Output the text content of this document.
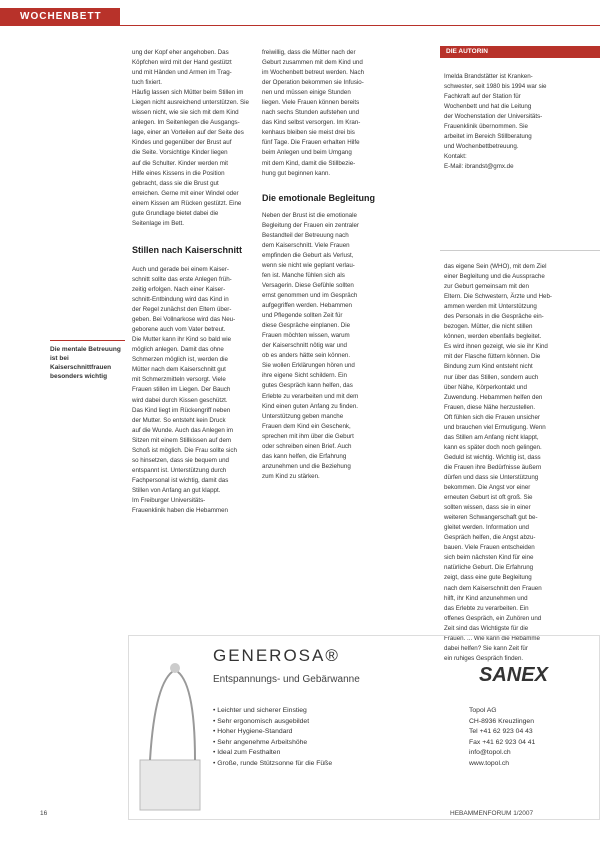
WOCHENBETT
ung der Kopf eher angehoben. Das
Köpfchen wird mit der Hand gestützt
und mit Händen und Armen im Trag-
tuch fixiert.
Häufig lassen sich Mütter beim Stillen im
Liegen nicht ausreichend unterstützen. Sie
wissen nicht, wie sie sich mit dem Kind
anlegen. Im Seitenlegen die Ausgangs-
lage, einer an Vorteilen auf der Seite des
Kindes und gegenüber der Brust auf
die Seite. Vorsichtige Kinder liegen
auf die Schulter. Kinder werden mit
Hilfe eines Kissens in die Position
gebracht, dass sie die Brust gut
erreichen. Gerne mit einer Windel oder
einem Kissen am Rücken gestützt. Eine
gute Grundlage bietet dabei die
Seitenlage im Bett.
Stillen nach Kaiserschnitt
Auch und gerade bei einem Kaiser-
schnitt sollte das erste Anlegen früh-
zeitig erfolgen. Nach einer Kaiser-
schnitt-Entbindung wird das Kind in
der Regel zunächst den Eltern über-
geben. Bei Vollnarkose wird das Neu-
geborene auch vom Vater betreut.
Die Mutter kann ihr Kind so bald wie
möglich anlegen. Damit das ohne
Schmerzen möglich ist, werden die
Mütter nach dem Kaiserschnitt gut
mit Schmerzmitteln versorgt. Viele
Frauen stillen im Liegen. Der Bauch
wird dabei durch Kissen geschützt.
Das Kind liegt im Rückengriff neben
der Mutter. So entsteht kein Druck
auf die Wunde. Auch das Anlegen im
Sitzen mit einem Stillkissen auf dem
Schoß ist möglich. Die Frau sollte sich
so hinsetzen, dass sie bequem und
entspannt ist. Unterstützung durch
Fachpersonal ist wichtig, damit das
Stillen von Anfang an gut klappt.
Im Freiburger Universitäts-
Frauenklinik haben die Hebammen
Die mentale Betreuung ist bei Kaiserschnittfrauen besonders wichtig
freiwillig, dass die Mütter nach der
Geburt zusammen mit dem Kind und
im Wochenbett betreut werden. Nach
der Operation bekommen sie Infusio-
nen und müssen einige Stunden
liegen. Viele Frauen können bereits
nach sechs Stunden aufstehen und
das Kind selbst versorgen. Im Kran-
kenhaus bleiben sie meist drei bis
fünf Tage. Die Frauen erhalten Hilfe
beim Anlegen und beim Umgang
mit dem Kind, damit die Stillbezie-
hung gut beginnen kann.
Die emotionale Begleitung
Neben der Brust ist die emotionale
Begleitung der Frauen ein zentraler
Bestandteil der Betreuung nach
dem Kaiserschnitt. Viele Frauen
empfinden die Geburt als Verlust,
wenn sie nicht wie geplant verlau-
fen ist. Manche fühlen sich als
Versagerin. Diese Gefühle sollten
ernst genommen und im Gespräch
aufgegriffen werden. Hebammen
und Pflegende sollten Zeit für
diese Gespräche einplanen. Die
Frauen möchten wissen, warum
der Kaiserschnitt nötig war und
ob es anders hätte sein können.
Sie wollen Erklärungen hören und
ihre eigene Sicht schildern. Ein
gutes Gespräch kann helfen, das
Erlebte zu verarbeiten und mit dem
Kind einen guten Anfang zu finden.
Unterstützung geben manche
Frauen dem Kind ein Geschenk,
sprechen mit ihm über die Geburt
oder schreiben einen Brief. Auch
das kann helfen, die Erfahrung
anzunehmen und die Beziehung
zum Kind zu stärken.
DIE AUTORIN
Imelda Brandstätter ist Kranken-
schwester, seit 1980 bis 1994 war sie
Fachkraft auf der Station für
Wochenbett und hat die Leitung
der Wochenstation der Universitäts-
Frauenklinik übernommen. Sie
arbeitet im Bereich Stillberatung
und Wochenbettbetreuung.
Kontakt:
E-Mail: ibrandst@gmx.de
das eigene Sein (WHO), mit dem Ziel
einer Begleitung und die Aussprache
zur Geburt gemeinsam mit den
Eltern. Die Schwestern, Ärzte und Heb-
ammen werden mit Unterstützung
des Personals in die Gespräche ein-
bezogen. Mütter, die nicht stillen
können, werden ebenfalls begleitet.
Es wird ihnen gezeigt, wie sie ihr Kind
mit der Flasche füttern können. Die
Bindung zum Kind entsteht nicht
nur über das Stillen, sondern auch
über Nähe, Körperkontakt und
Zuwendung. Hebammen helfen den
Frauen, diese Nähe herzustellen.
Oft fühlen sich die Frauen unsicher
und brauchen viel Ermutigung. Wenn
das Stillen am Anfang nicht klappt,
kann es später doch noch gelingen.
Geduld ist wichtig. Wichtig ist, dass
die Frauen ihre Bedürfnisse äußern
dürfen und dass sie Unterstützung
bekommen. Die Angst vor einer
erneuten Geburt ist oft groß. Sie
sollten wissen, dass sie in einer
weiteren Schwangerschaft gut be-
gleitet werden. Information und
Gespräch helfen, die Angst abzu-
bauen. Viele Frauen entscheiden
sich beim nächsten Kind für eine
natürliche Geburt. Die Erfahrung
zeigt, dass eine gute Begleitung
nach dem Kaiserschnitt den Frauen
hilft, ihr Kind anzunehmen und
das Erlebte zu verarbeiten. Ein
offenes Gespräch, ein Zuhören und
Zeit sind das Wichtigste für die
Frauen. ... Wie kann die Hebamme
dabei helfen? Sie kann Zeit für
ein ruhiges Gespräch finden.
GENEROSA®
Entspannungs- und Gebärwanne	SANEX
• Leichter und sicherer Einstieg
• Sehr ergonomisch ausgebildet
• Hoher Hygiene-Standard
• Sehr angenehme Arbeitshöhe
• Ideal zum Festhalten
• Große, runde Stützsonne für die Füße
Topol AG
CH-8936 Kreuzlingen
Tel +41 62 923 04 43
Fax +41 62 923 04 41
info@topol.ch
www.topol.ch
16	HEBAMMENFORUM 1/2007
